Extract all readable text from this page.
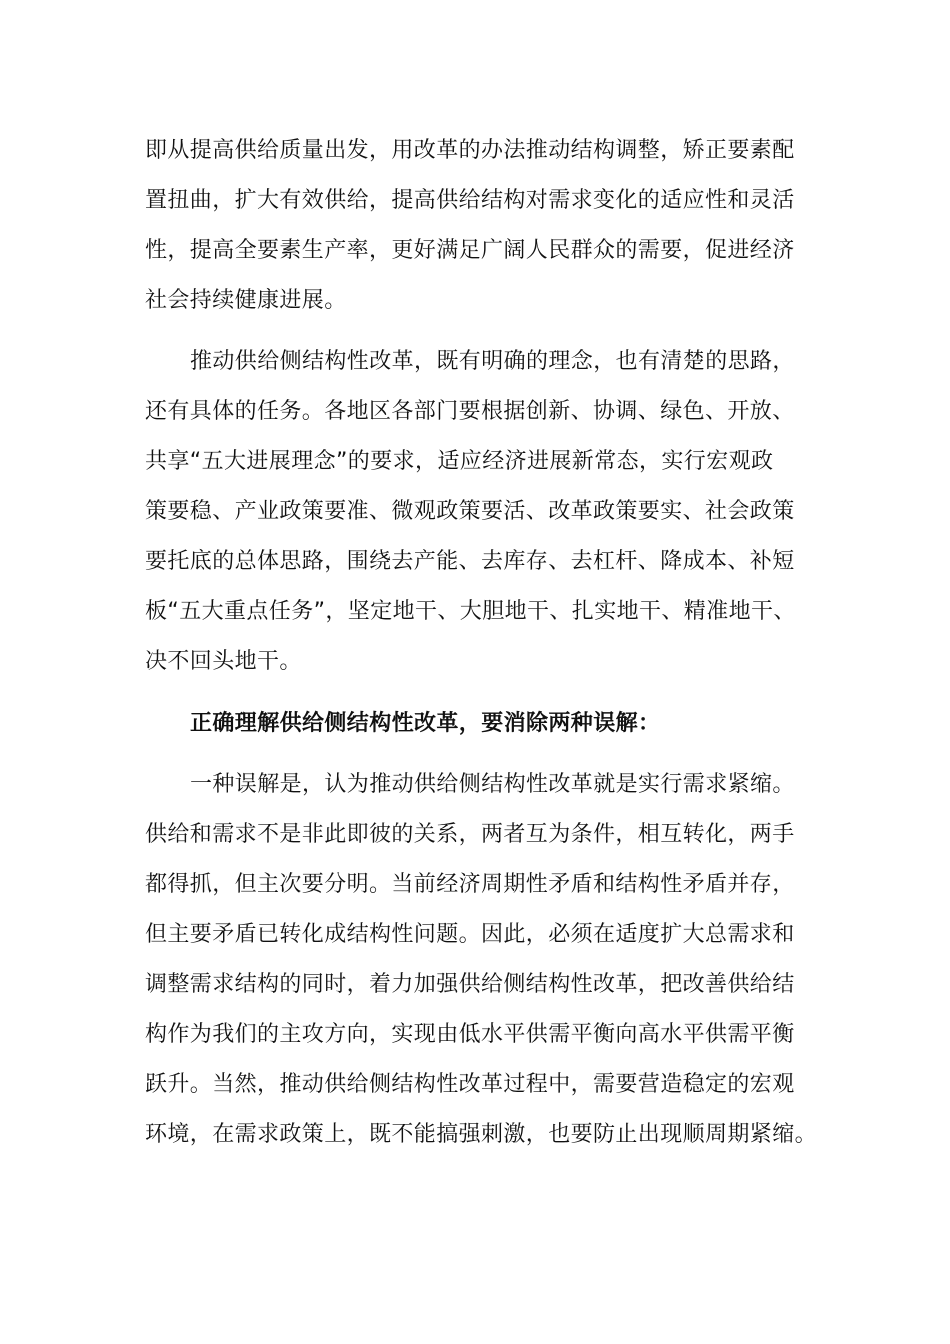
即从提高供给质量出发，用改革的办法推动结构调整，矫正要素配
置扭曲，扩大有效供给，提高供给结构对需求变化的适应性和灵活
性，提高全要素生产率，更好满足广阔人民群众的需要，促进经济
社会持续健康进展。
推动供给侧结构性改革，既有明确的理念，也有清楚的思路，
还有具体的任务。各地区各部门要根据创新、协调、绿色、开放、
共享“五大进展理念”的要求，适应经济进展新常态，实行宏观政
策要稳、产业政策要准、微观政策要活、改革政策要实、社会政策
要托底的总体思路，围绕去产能、去库存、去杠杆、降成本、补短
板“五大重点任务”，坚定地干、大胆地干、扎实地干、精准地干、
决不回头地干。
正确理解供给侧结构性改革，要消除两种误解：
一种误解是，认为推动供给侧结构性改革就是实行需求紧缩。
供给和需求不是非此即彼的关系，两者互为条件，相互转化，两手
都得抓，但主次要分明。当前经济周期性矛盾和结构性矛盾并存，
但主要矛盾已转化成结构性问题。因此，必须在适度扩大总需求和
调整需求结构的同时，着力加强供给侧结构性改革，把改善供给结
构作为我们的主攻方向，实现由低水平供需平衡向高水平供需平衡
跃升。当然，推动供给侧结构性改革过程中，需要营造稳定的宏观
环境，在需求政策上，既不能搞强刺激，也要防止出现顺周期紧缩。
